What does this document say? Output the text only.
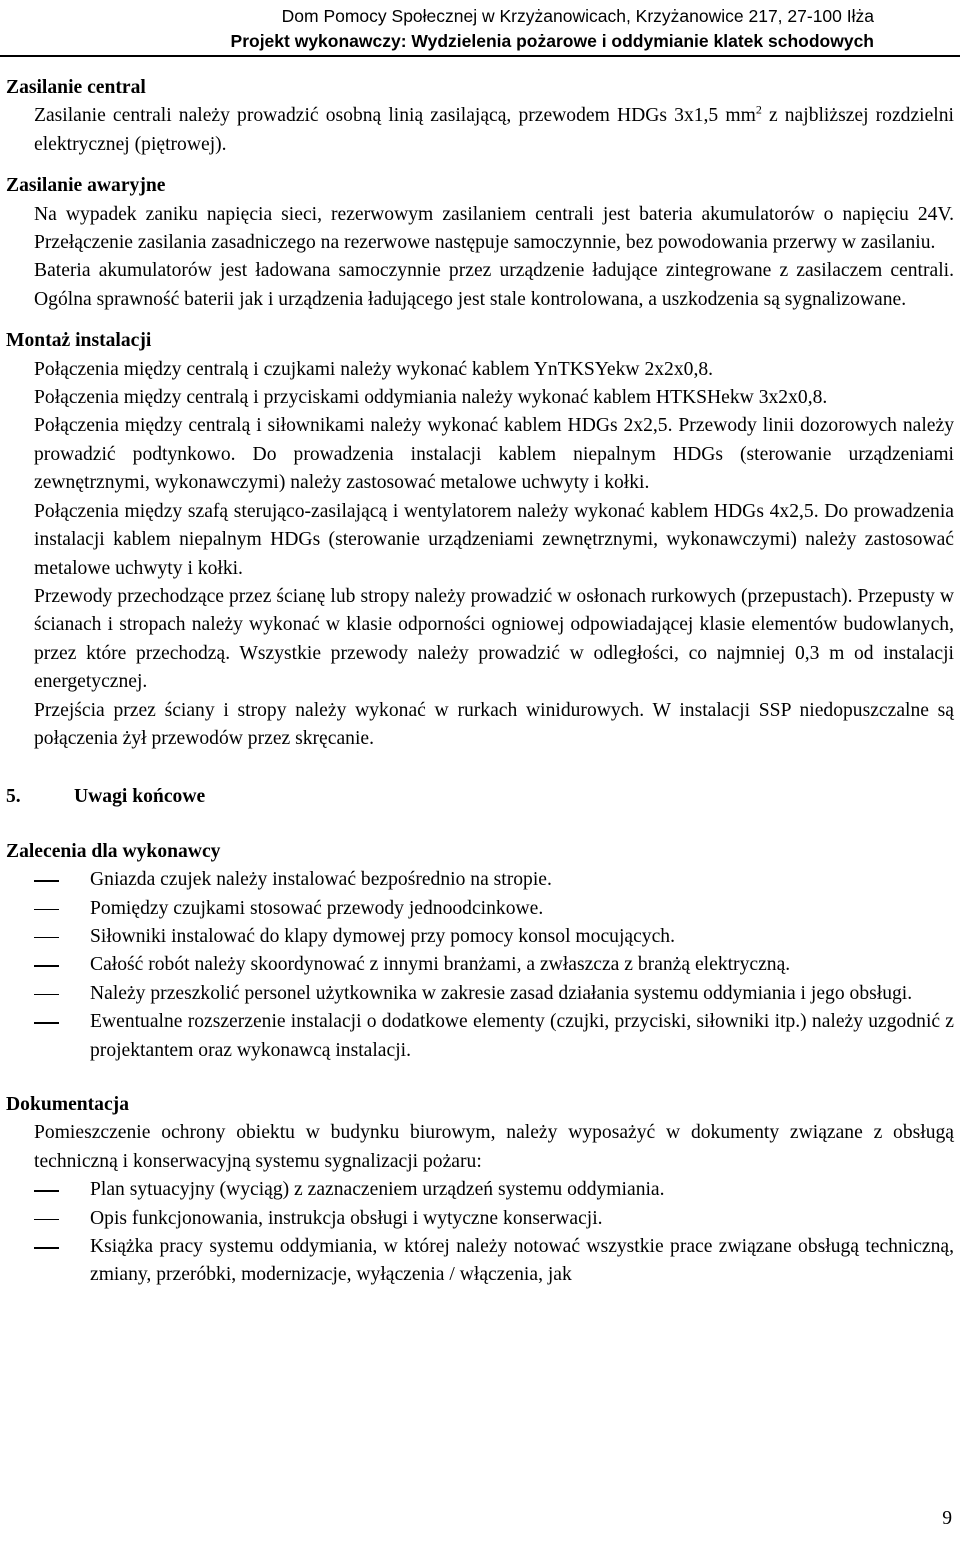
Dom Pomocy Społecznej w Krzyżanowicach, Krzyżanowice 217, 27-100 Iłża
Projekt wykonawczy: Wydzielenia pożarowe i oddymianie klatek schodowych
Zasilanie central
Zasilanie centrali należy prowadzić osobną linią zasilającą, przewodem HDGs 3x1,5 $mm^2$ z najbliższej rozdzielni elektrycznej (piętrowej).
Zasilanie awaryjne
Na wypadek zaniku napięcia sieci, rezerwowym zasilaniem centrali jest bateria akumulatorów o napięciu 24V. Przełączenie zasilania zasadniczego na rezerwowe następuje samoczynnie, bez powodowania przerwy w zasilaniu.
Bateria akumulatorów jest ładowana samoczynnie przez urządzenie ładujące zintegrowane z zasilaczem centrali. Ogólna sprawność baterii jak i urządzenia ładującego jest stale kontrolowana, a uszkodzenia są sygnalizowane.
Montaż instalacji
Połączenia między centralą i czujkami należy wykonać kablem YnTKSYekw 2x2x0,8.
Połączenia między centralą i przyciskami oddymiania należy wykonać kablem HTKSHekw 3x2x0,8.
Połączenia między centralą i siłownikami należy wykonać kablem HDGs 2x2,5. Przewody linii dozorowych należy prowadzić podtynkowo. Do prowadzenia instalacji kablem niepalnym HDGs (sterowanie urządzeniami zewnętrznymi, wykonawczymi) należy zastosować metalowe uchwyty i kołki.
Połączenia między szafą sterująco-zasilającą i wentylatorem należy wykonać kablem HDGs 4x2,5. Do prowadzenia instalacji kablem niepalnym HDGs (sterowanie urządzeniami zewnętrznymi, wykonawczymi) należy zastosować metalowe uchwyty i kołki.
Przewody przechodzące przez ścianę lub stropy należy prowadzić w osłonach rurkowych (przepustach). Przepusty w ścianach i stropach należy wykonać w klasie odporności ogniowej odpowiadającej klasie elementów budowlanych, przez które przechodzą. Wszystkie przewody należy prowadzić w odległości, co najmniej 0,3 m od instalacji energetycznej.
Przejścia przez ściany i stropy należy wykonać w rurkach winidurowych. W instalacji SSP niedopuszczalne są połączenia żył przewodów przez skręcanie.
5.	Uwagi końcowe
Zalecenia dla wykonawcy
Gniazda czujek należy instalować bezpośrednio na stropie.
Pomiędzy czujkami stosować przewody jednoodcinkowe.
Siłowniki instalować do klapy dymowej przy pomocy konsol mocujących.
Całość robót należy skoordynować z innymi branżami, a zwłaszcza z branżą elektryczną.
Należy przeszkolić personel użytkownika w zakresie zasad działania systemu oddymiania i jego obsługi.
Ewentualne rozszerzenie instalacji o dodatkowe elementy (czujki, przyciski, siłowniki itp.) należy uzgodnić z projektantem oraz wykonawcą instalacji.
Dokumentacja
Pomieszczenie ochrony obiektu w budynku biurowym, należy wyposażyć w dokumenty związane z obsługą techniczną i konserwacyjną systemu sygnalizacji pożaru:
Plan sytuacyjny (wyciąg) z zaznaczeniem urządzeń systemu oddymiania.
Opis funkcjonowania, instrukcja obsługi i wytyczne konserwacji.
Książka pracy systemu oddymiania, w której należy notować wszystkie prace związane obsługą techniczną, zmiany, przeróbki, modernizacje, wyłączenia / włączenia, jak
9
